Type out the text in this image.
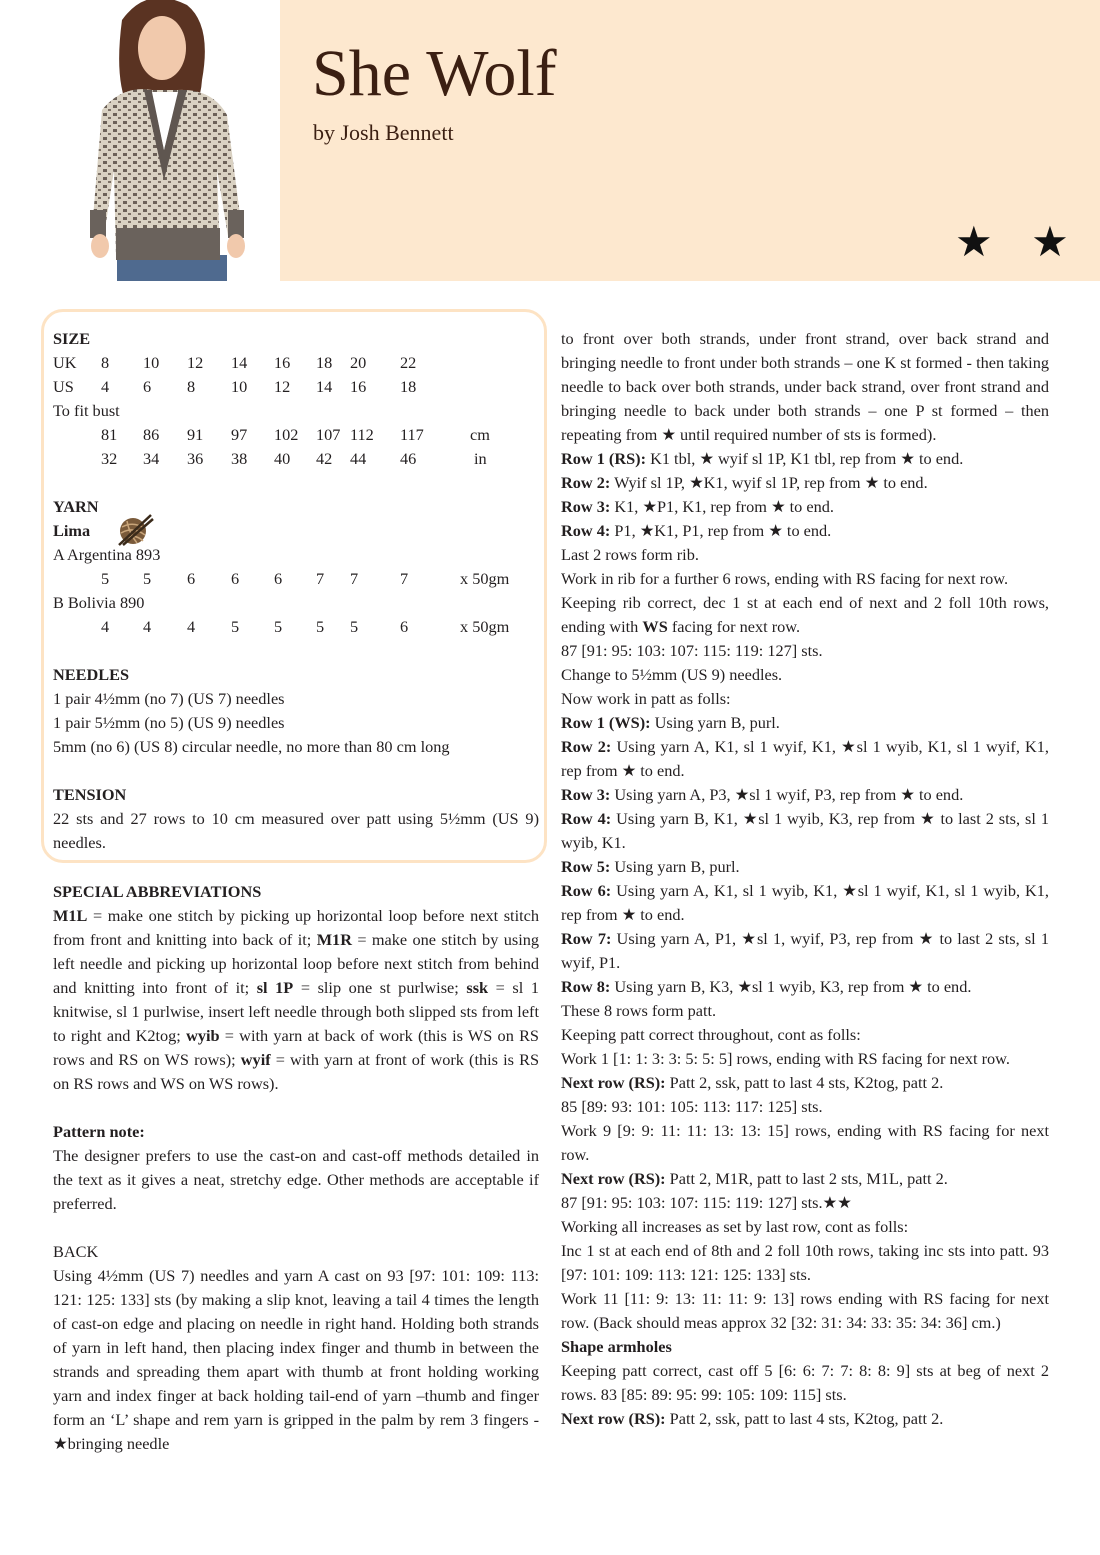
She Wolf
by Josh Bennett
★ ★
SIZE
UK	8	10	12	14	16	18	20	22	
US	4	6	8	10	12	14	16	18	
To fit bust									
	81	86	91	97	102	107	112	117	cm
	32	34	36	38	40	42	44	46	in

YARN
Lima
A Argentina 893
	5	5	6	6	6	7	7	7	x 50gm
B Bolivia 890
	4	4	4	5	5	5	5	6	x 50gm

NEEDLES
1 pair 4½mm (no 7) (US 7) needles
1 pair 5½mm (no 5) (US 9) needles
5mm (no 6) (US 8) circular needle, no more than 80 cm long

TENSION
22 sts and 27 rows to 10 cm measured over patt using 5½mm (US 9) needles.
SPECIAL ABBREVIATIONS

M1L = make one stitch by picking up horizontal loop before next stitch from front and knitting into back of it; M1R = make one stitch by using left needle and picking up horizontal loop before next stitch from behind and knitting into front of it; sl 1P = slip one st purlwise; ssk = sl 1 knitwise, sl 1 purlwise, insert left needle through both slipped sts from left to right and K2tog; wyib = with yarn at back of work (this is WS on RS rows and RS on WS rows); wyif = with yarn at front of work (this is RS on RS rows and WS on WS rows).

Pattern note:

The designer prefers to use the cast-on and cast-off methods detailed in the text as it gives a neat, stretchy edge. Other methods are acceptable if preferred.

BACK

Using 4½mm (US 7) needles and yarn A cast on 93 [97: 101: 109: 113: 121: 125: 133] sts (by making a slip knot, leaving a tail 4 times the length of cast-on edge and placing on needle in right hand. Holding both strands of yarn in left hand, then placing index finger and thumb in between the strands and spreading them apart with thumb at front holding working yarn and index finger at back holding tail-end of yarn –thumb and finger form an ‘L’ shape and rem yarn is gripped in the palm by rem 3 fingers - ★bringing needle

to front over both strands, under front strand, over back strand and bringing needle to front under both strands – one K st formed - then taking needle to back over both strands, under back strand, over front strand and bringing needle to back under both strands – one P st formed – then repeating from ★ until required number of sts is formed).

Row 1 (RS): K1 tbl, ★ wyif sl 1P, K1 tbl, rep from ★ to end.

Row 2: Wyif sl 1P, ★K1, wyif sl 1P, rep from ★ to end.

Row 3: K1, ★P1, K1, rep from ★ to end.

Row 4: P1, ★K1, P1, rep from ★ to end.

Last 2 rows form rib.

Work in rib for a further 6 rows, ending with RS facing for next row.

Keeping rib correct, dec 1 st at each end of next and 2 foll 10th rows, ending with WS facing for next row.

87 [91: 95: 103: 107: 115: 119: 127] sts.

Change to 5½mm (US 9) needles.

Now work in patt as folls:

Row 1 (WS): Using yarn B, purl.

Row 2: Using yarn A, K1, sl 1 wyif, K1, ★sl 1 wyib, K1, sl 1 wyif, K1, rep from ★ to end.

Row 3: Using yarn A, P3, ★sl 1 wyif, P3, rep from ★ to end.

Row 4: Using yarn B, K1, ★sl 1 wyib, K3, rep from ★ to last 2 sts, sl 1 wyib, K1.

Row 5: Using yarn B, purl.

Row 6: Using yarn A, K1, sl 1 wyib, K1, ★sl 1 wyif, K1, sl 1 wyib, K1, rep from ★ to end.

Row 7: Using yarn A, P1, ★sl 1, wyif, P3, rep from ★ to last 2 sts, sl 1 wyif, P1.

Row 8: Using yarn B, K3, ★sl 1 wyib, K3, rep from ★ to end.

These 8 rows form patt.

Keeping patt correct throughout, cont as folls:

Work 1 [1: 1: 3: 3: 5: 5: 5] rows, ending with RS facing for next row.

Next row (RS): Patt 2, ssk, patt to last 4 sts, K2tog, patt 2.

85 [89: 93: 101: 105: 113: 117: 125] sts.

Work 9 [9: 9: 11: 11: 13: 13: 15] rows, ending with RS facing for next row.

Next row (RS): Patt 2, M1R, patt to last 2 sts, M1L, patt 2.

87 [91: 95: 103: 107: 115: 119: 127] sts.★★

Working all increases as set by last row, cont as folls:

Inc 1 st at each end of 8th and 2 foll 10th rows, taking inc sts into patt. 93 [97: 101: 109: 113: 121: 125: 133] sts.

Work 11 [11: 9: 13: 11: 11: 9: 13] rows ending with RS facing for next row. (Back should meas approx 32 [32: 31: 34: 33: 35: 34: 36] cm.)

Shape armholes

Keeping patt correct, cast off 5 [6: 6: 7: 7: 8: 8: 9] sts at beg of next 2 rows. 83 [85: 89: 95: 99: 105: 109: 115] sts.

Next row (RS): Patt 2, ssk, patt to last 4 sts, K2tog, patt 2.
